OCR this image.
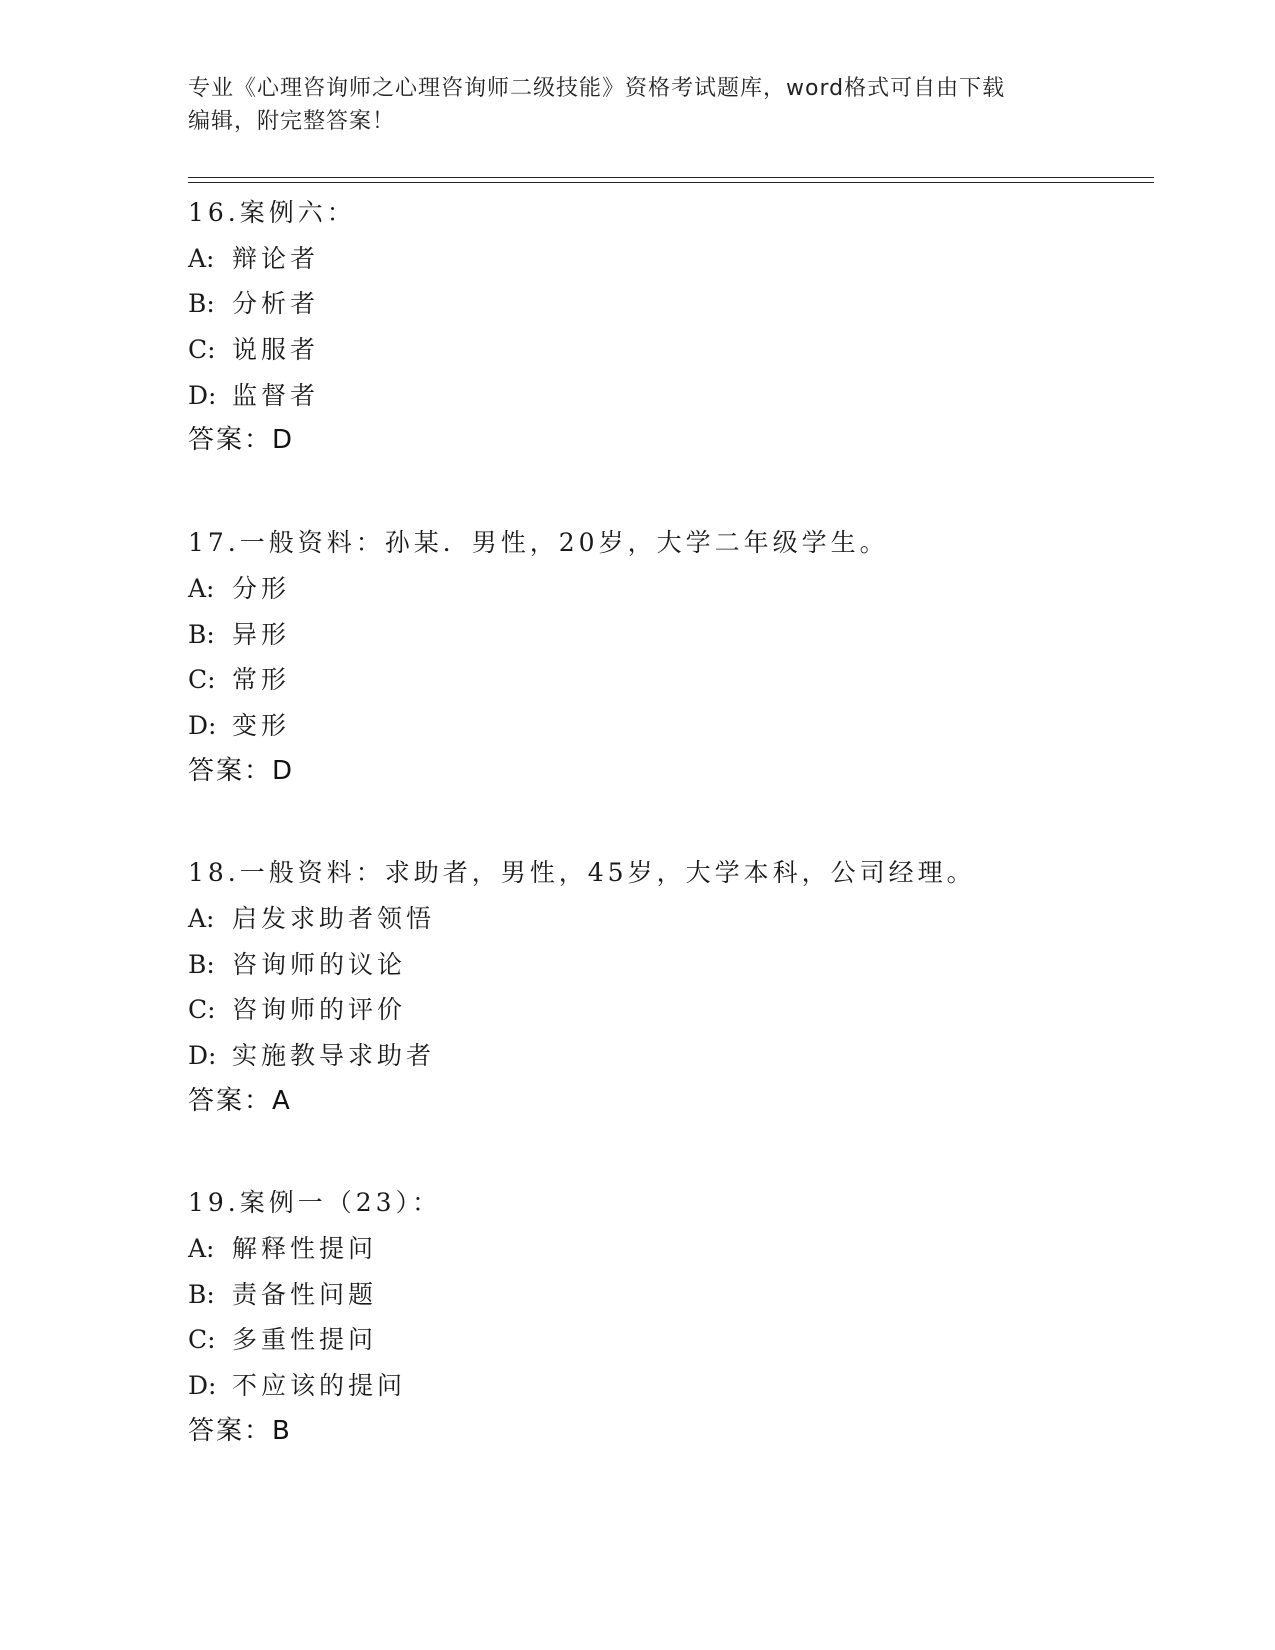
专业《心理咨询师之心理咨询师二级技能》资格考试题库，word格式可自由下载

编辑，附完整答案！

16.案例六：
A: 辩论者
B: 分析者
C: 说服者
D: 监督者
答案：D
17.一般资料：孙某．男性，20岁，大学二年级学生。
A: 分形
B: 异形
C: 常形
D: 变形
答案：D
18.一般资料：求助者，男性，45岁，大学本科，公司经理。
A: 启发求助者领悟
B: 咨询师的议论
C: 咨询师的评价
D: 实施教导求助者
答案：A
19.案例一（23）：
A: 解释性提问
B: 责备性问题
C: 多重性提问
D: 不应该的提问
答案：B
